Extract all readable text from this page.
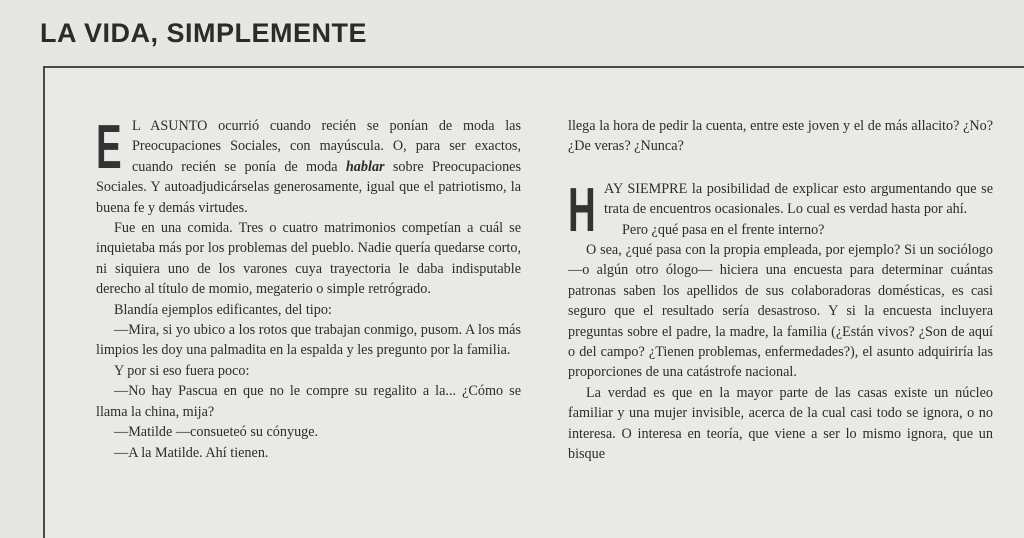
LA VIDA, SIMPLEMENTE

E L ASUNTO ocurrió cuando recién se ponían de moda las Preocupaciones Sociales, con mayúscula. O, para ser exactos, cuando recién se ponía de moda hablar sobre Preocupaciones Sociales. Y autoadjudicárselas generosamente, igual que el patriotismo, la buena fe y demás virtudes.

Fue en una comida. Tres o cuatro matrimonios competían a cuál se inquietaba más por los problemas del pueblo. Nadie quería quedarse corto, ni siquiera uno de los varones cuya trayectoria le daba indisputable derecho al título de momio, megaterio o simple retrógrado.

Blandía ejemplos edificantes, del tipo:

—Mira, si yo ubico a los rotos que trabajan conmigo, pusom. A los más limpios les doy una palmadita en la espalda y les pregunto por la familia.

Y por si eso fuera poco:

—No hay Pascua en que no le compre su regalito a la... ¿Cómo se llama la china, mija?

—Matilde —consueteó su cónyuge.

—A la Matilde. Ahí tienen.

llega la hora de pedir la cuenta, entre este joven y el de más allacito? ¿No? ¿De veras? ¿Nunca?

HAY SIEMPRE la posibilidad de explicar esto argumentando que se trata de encuentros ocasionales. Lo cual es verdad hasta por ahí.

Pero ¿qué pasa en el frente interno?

O sea, ¿qué pasa con la propia empleada, por ejemplo? Si un sociólogo —o algún otro ólogo— hiciera una encuesta para determinar cuántas patronas saben los apellidos de sus colaboradoras domésticas, es casi seguro que el resultado sería desastroso. Y si la encuesta incluyera preguntas sobre el padre, la madre, la familia (¿Están vivos? ¿Son de aquí o del campo? ¿Tienen problemas, enfermedades?), el asunto adquiriría las proporciones de una catástrofe nacional.

La verdad es que en la mayor parte de las casas existe un núcleo familiar y una mujer invisible, acerca de la cual casi todo se ignora, o no interesa. O interesa en teoría, que viene a ser lo mismo ignora, que un bisque
